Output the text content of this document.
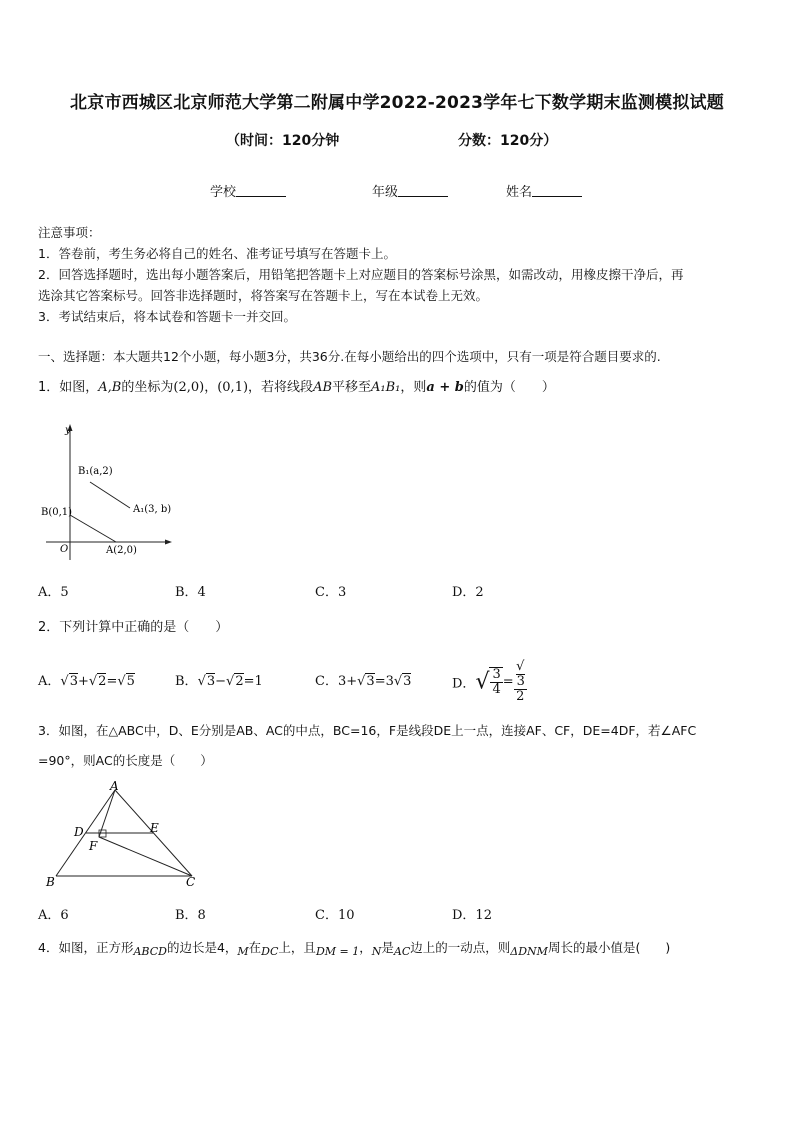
北京市西城区北京师范大学第二附属中学2022-2023学年七下数学期末监测模拟试题
（时间：120分钟	分数：120分）
学校	年级	姓名
注意事项：
1．答卷前，考生务必将自己的姓名、准考证号填写在答题卡上。
2．回答选择题时，选出每小题答案后，用铅笔把答题卡上对应题目的答案标号涂黑，如需改动，用橡皮擦干净后，再
选涂其它答案标号。回答非选择题时，将答案写在答题卡上，写在本试卷上无效。
3．考试结束后，将本试卷和答题卡一并交回。
一、选择题：本大题共12个小题，每小题3分，共36分.在每小题给出的四个选项中，只有一项是符合题目要求的.
1．如图，A,B的坐标为(2,0)，(0,1)，若将线段AB平移至A₁B₁，则a + b的值为（　　）
y
O
B(0,1)
A(2,0)
B₁(a,2)
A₁(3, b)
A．5	B．4	C．3	D．2
2．下列计算中正确的是（　　）
A．√3+√2=√5	B．√3−√2=1	C．3+√3=3√3	D．√ $\frac{3}{4}$ = √
3
2
3．如图，在△ABC中，D、E分别是AB、AC的中点，BC=16，F是线段DE上一点，连接AF、CF，DE=4DF，若∠AFC
=90°，则AC的长度是（　　）
A
B	C
D	E
F
A．6	B．8	C．10	D．12
4．如图，正方形ABCD的边长是4，M在DC上，且DM = 1，N是AC边上的一动点，则ΔDNM周长的最小值是(　　)
